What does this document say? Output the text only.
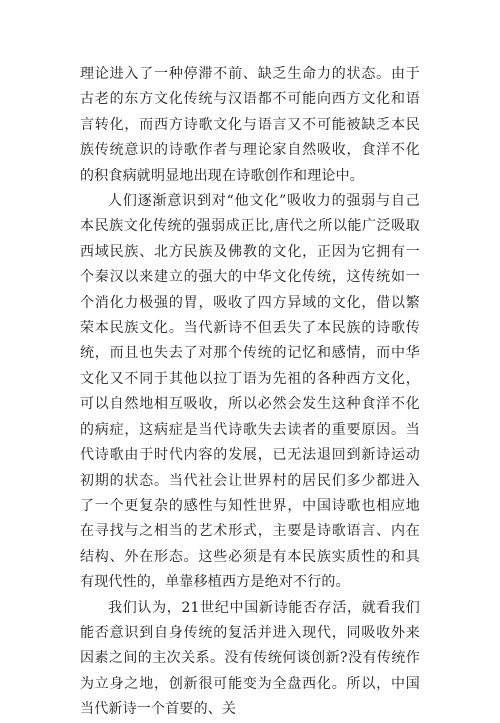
理论进入了一种停滞不前、缺乏生命力的状态。由于古老的东方文化传统与汉语都不可能向西方文化和语言转化，而西方诗歌文化与语言又不可能被缺乏本民族传统意识的诗歌作者与理论家自然吸收，食洋不化的积食病就明显地出现在诗歌创作和理论中。

人们逐渐意识到对“他文化”吸收力的强弱与自己本民族文化传统的强弱成正比,唐代之所以能广泛吸取西域民族、北方民族及佛教的文化，正因为它拥有一个秦汉以来建立的强大的中华文化传统，这传统如一个消化力极强的胃，吸收了四方异域的文化，借以繁荣本民族文化。当代新诗不但丢失了本民族的诗歌传统，而且也失去了对那个传统的记忆和感情，而中华文化又不同于其他以拉丁语为先祖的各种西方文化，可以自然地相互吸收，所以必然会发生这种食洋不化的病症，这病症是当代诗歌失去读者的重要原因。当代诗歌由于时代内容的发展，已无法退回到新诗运动初期的状态。当代社会让世界村的居民们多少都进入了一个更复杂的感性与知性世界，中国诗歌也相应地在寻找与之相当的艺术形式，主要是诗歌语言、内在结构、外在形态。这些必须是有本民族实质性的和具有现代性的，单靠移植西方是绝对不行的。

我们认为，21世纪中国新诗能否存活，就看我们能否意识到自身传统的复活并进入现代，同吸收外来因素之间的主次关系。没有传统何谈创新?没有传统作为立身之地，创新很可能变为全盘西化。所以，中国当代新诗一个首要的、关
